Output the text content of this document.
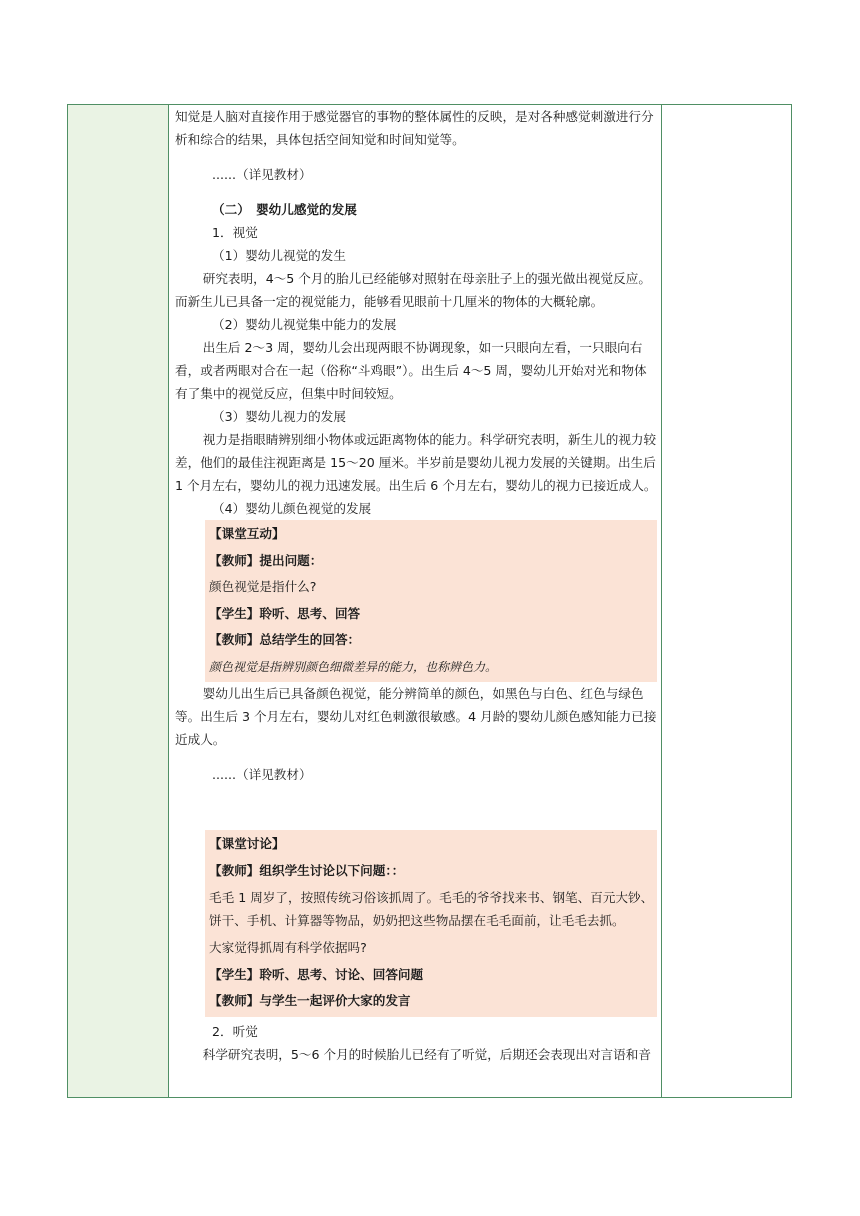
知觉是人脑对直接作用于感觉器官的事物的整体属性的反映，是对各种感觉刺激进行分析和综合的结果，具体包括空间知觉和时间知觉等。

......（详见教材）

（二）　婴幼儿感觉的发展

1．视觉

（1）婴幼儿视觉的发生

研究表明，4～5 个月的胎儿已经能够对照射在母亲肚子上的强光做出视觉反应。而新生儿已具备一定的视觉能力，能够看见眼前十几厘米的物体的大概轮廓。

（2）婴幼儿视觉集中能力的发展

出生后 2～3 周，婴幼儿会出现两眼不协调现象，如一只眼向左看，一只眼向右看，或者两眼对合在一起（俗称“斗鸡眼”）。出生后 4～5 周，婴幼儿开始对光和物体有了集中的视觉反应，但集中时间较短。

（3）婴幼儿视力的发展

视力是指眼睛辨别细小物体或远距离物体的能力。科学研究表明，新生儿的视力较差，他们的最佳注视距离是 15～20 厘米。半岁前是婴幼儿视力发展的关键期。出生后 1 个月左右，婴幼儿的视力迅速发展。出生后 6 个月左右，婴幼儿的视力已接近成人。

（4）婴幼儿颜色视觉的发展

【课堂互动】

【教师】提出问题：

颜色视觉是指什么?

【学生】聆听、思考、回答

【教师】总结学生的回答：

颜色视觉是指辨别颜色细微差异的能力，也称辨色力。

婴幼儿出生后已具备颜色视觉，能分辨简单的颜色，如黑色与白色、红色与绿色等。出生后 3 个月左右，婴幼儿对红色刺激很敏感。4 月龄的婴幼儿颜色感知能力已接近成人。

......（详见教材）

【课堂讨论】

【教师】组织学生讨论以下问题：：

毛毛 1 周岁了，按照传统习俗该抓周了。毛毛的爷爷找来书、钢笔、百元大钞、饼干、手机、计算器等物品，奶奶把这些物品摆在毛毛面前，让毛毛去抓。

大家觉得抓周有科学依据吗?

【学生】聆听、思考、讨论、回答问题

【教师】与学生一起评价大家的发言

2．听觉

科学研究表明，5～6 个月的时候胎儿已经有了听觉，后期还会表现出对言语和音
